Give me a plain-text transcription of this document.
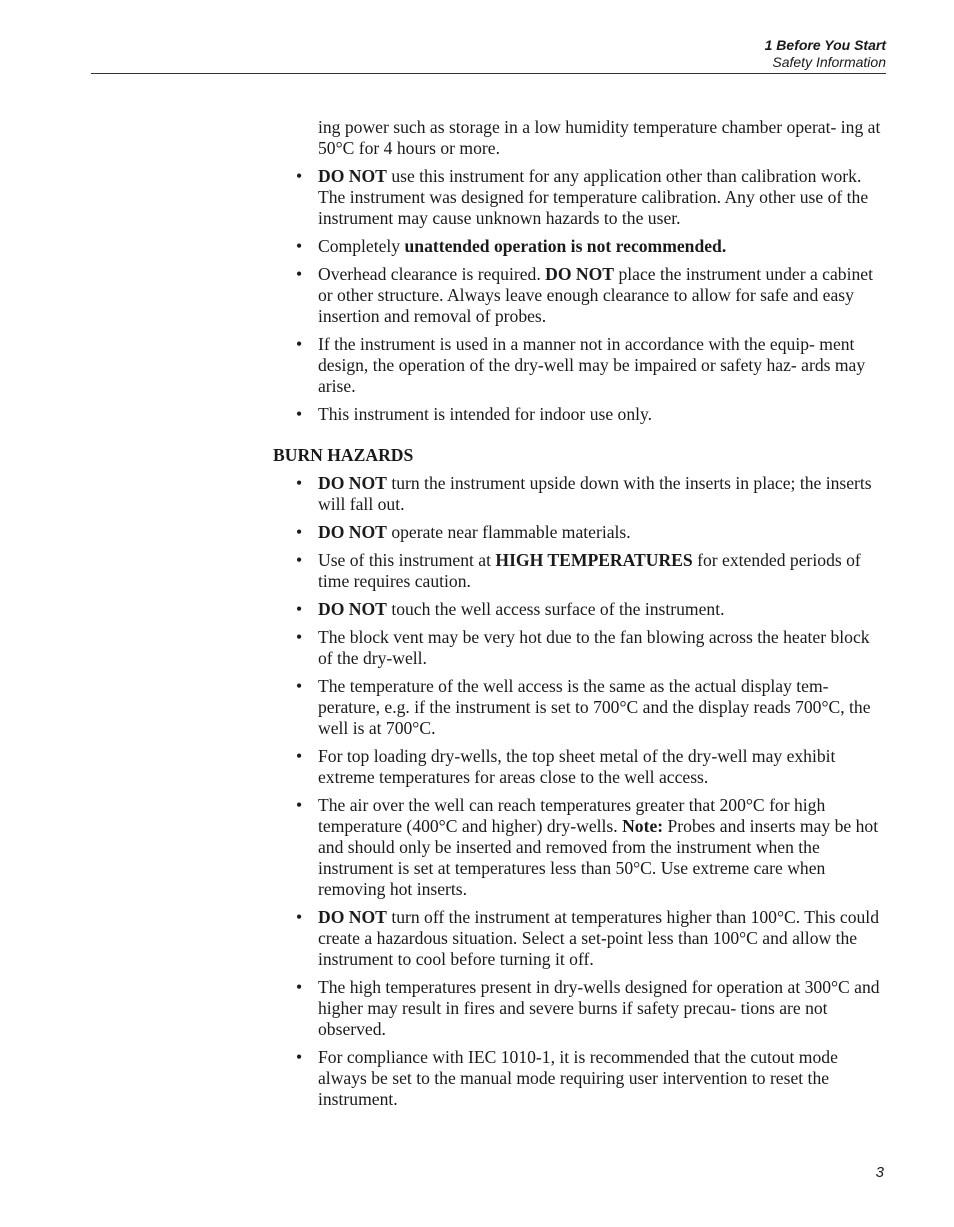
1 Before You Start
Safety Information

ing power such as storage in a low humidity temperature chamber operat- ing at 50°C for 4 hours or more.

• DO NOT use this instrument for any application other than calibration work. The instrument was designed for temperature calibration. Any other use of the instrument may cause unknown hazards to the user.
• Completely unattended operation is not recommended.
• Overhead clearance is required. DO NOT place the instrument under a cabinet or other structure. Always leave enough clearance to allow for safe and easy insertion and removal of probes.
• If the instrument is used in a manner not in accordance with the equip- ment design, the operation of the dry-well may be impaired or safety haz- ards may arise.
• This instrument is intended for indoor use only.
BURN HAZARDS
• DO NOT turn the instrument upside down with the inserts in place; the inserts will fall out.
• DO NOT operate near flammable materials.
• Use of this instrument at HIGH TEMPERATURES for extended periods of time requires caution.
• DO NOT touch the well access surface of the instrument.
• The block vent may be very hot due to the fan blowing across the heater block of the dry-well.
• The temperature of the well access is the same as the actual display tem- perature, e.g. if the instrument is set to 700°C and the display reads 700°C, the well is at 700°C.
• For top loading dry-wells, the top sheet metal of the dry-well may exhibit extreme temperatures for areas close to the well access.
• The air over the well can reach temperatures greater that 200°C for high temperature (400°C and higher) dry-wells. Note: Probes and inserts may be hot and should only be inserted and removed from the instrument when the instrument is set at temperatures less than 50°C. Use extreme care when removing hot inserts.
• DO NOT turn off the instrument at temperatures higher than 100°C. This could create a hazardous situation. Select a set-point less than 100°C and allow the instrument to cool before turning it off.
• The high temperatures present in dry-wells designed for operation at 300°C and higher may result in fires and severe burns if safety precau- tions are not observed.
• For compliance with IEC 1010-1, it is recommended that the cutout mode always be set to the manual mode requiring user intervention to reset the instrument.
3
